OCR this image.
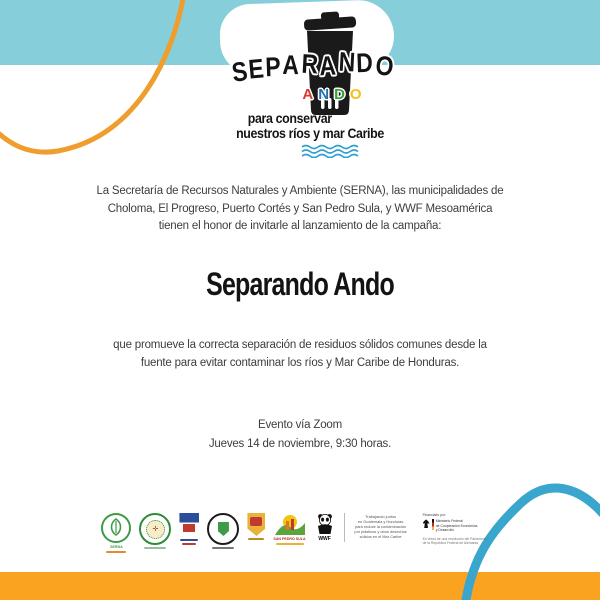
SEPARANDO
A N D O
para conservar
nuestros ríos y mar Caribe
La Secretaría de Recursos Naturales y Ambiente (SERNA), las municipalidades de
Choloma, El Progreso, Puerto Cortés y San Pedro Sula, y WWF Mesoamérica
tienen el honor de invitarle al lanzamiento de la campaña:
Separando Ando
que promueve la correcta separación de residuos sólidos comunes desde la
fuente para evitar contaminar los ríos y Mar Caribe de Honduras.
Evento vía Zoom
Jueves 14 de noviembre, 9:30 horas.
SERNA
✛
SAN PEDRO SULA	WWF
Trabajando juntos
en Guatemala y Honduras
para reducir la contaminación
por plásticos y otros desechos
sólidos en el Mar Caribe
Financiado por:
Ministerio Federal
de Cooperación Económica
y Desarrollo
En virtud de una resolución del Parlamento
de la República Federal de Alemania
